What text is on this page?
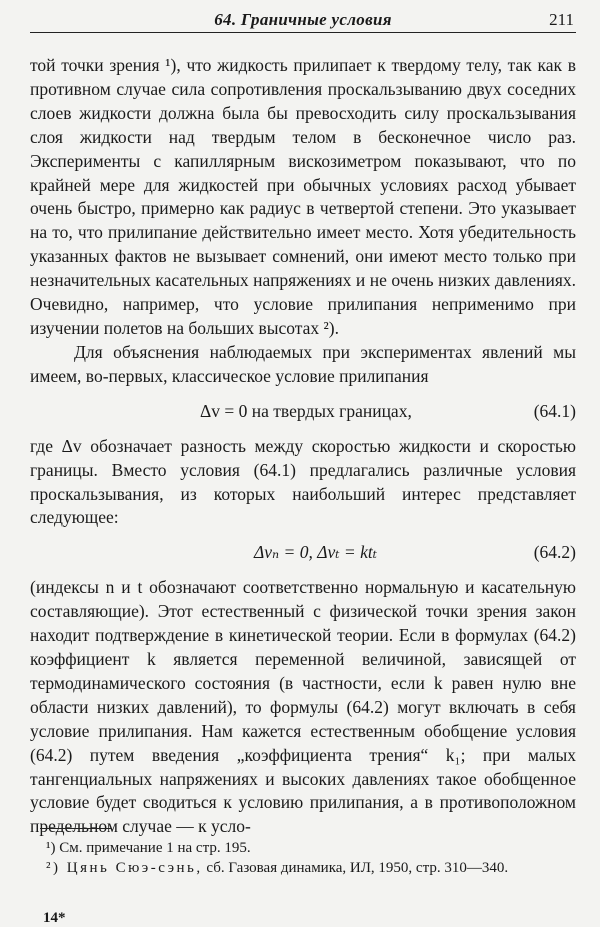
64. Граничные условия	211

той точки зрения ¹), что жидкость прилипает к твердому телу, так как в противном случае сила сопротивления проскальзыванию двух соседних слоев жидкости должна была бы превосходить силу проскальзывания слоя жидкости над твердым телом в бесконечное число раз. Эксперименты с капиллярным вискозиметром показывают, что по крайней мере для жидкостей при обычных условиях расход убывает очень быстро, примерно как радиус в четвертой степени. Это указывает на то, что прилипание действительно имеет место. Хотя убедительность указанных фактов не вызывает сомнений, они имеют место только при незначительных касательных напряжениях и не очень низких давлениях. Очевидно, например, что условие прилипания неприменимо при изучении полетов на больших высотах ²).

Для объяснения наблюдаемых при экспериментах явлений мы имеем, во-первых, классическое условие прилипания

Δv = 0 на твердых границах,	(64.1)

где Δv обозначает разность между скоростью жидкости и скоростью границы. Вместо условия (64.1) предлагались различные условия проскальзывания, из которых наибольший интерес представляет следующее:

Δvₙ = 0, Δvₜ = ktₜ	(64.2)

(индексы n и t обозначают соответственно нормальную и касательную составляющие). Этот естественный с физической точки зрения закон находит подтверждение в кинетической теории. Если в формулах (64.2) коэффициент k является переменной величиной, зависящей от термодинамического состояния (в частности, если k равен нулю вне области низких давлений), то формулы (64.2) могут включать в себя условие прилипания. Нам кажется естественным обобщение условия (64.2) путем введения „коэффициента трения“ k₁; при малых тангенциальных напряжениях и высоких давлениях такое обобщенное условие будет сводиться к условию прилипания, а в противоположном предельном случае — к усло-

¹) См. примечание 1 на стр. 195.

²) Цянь Сюэ-сэнь, сб. Газовая динамика, ИЛ, 1950, стр. 310—340.

14*
